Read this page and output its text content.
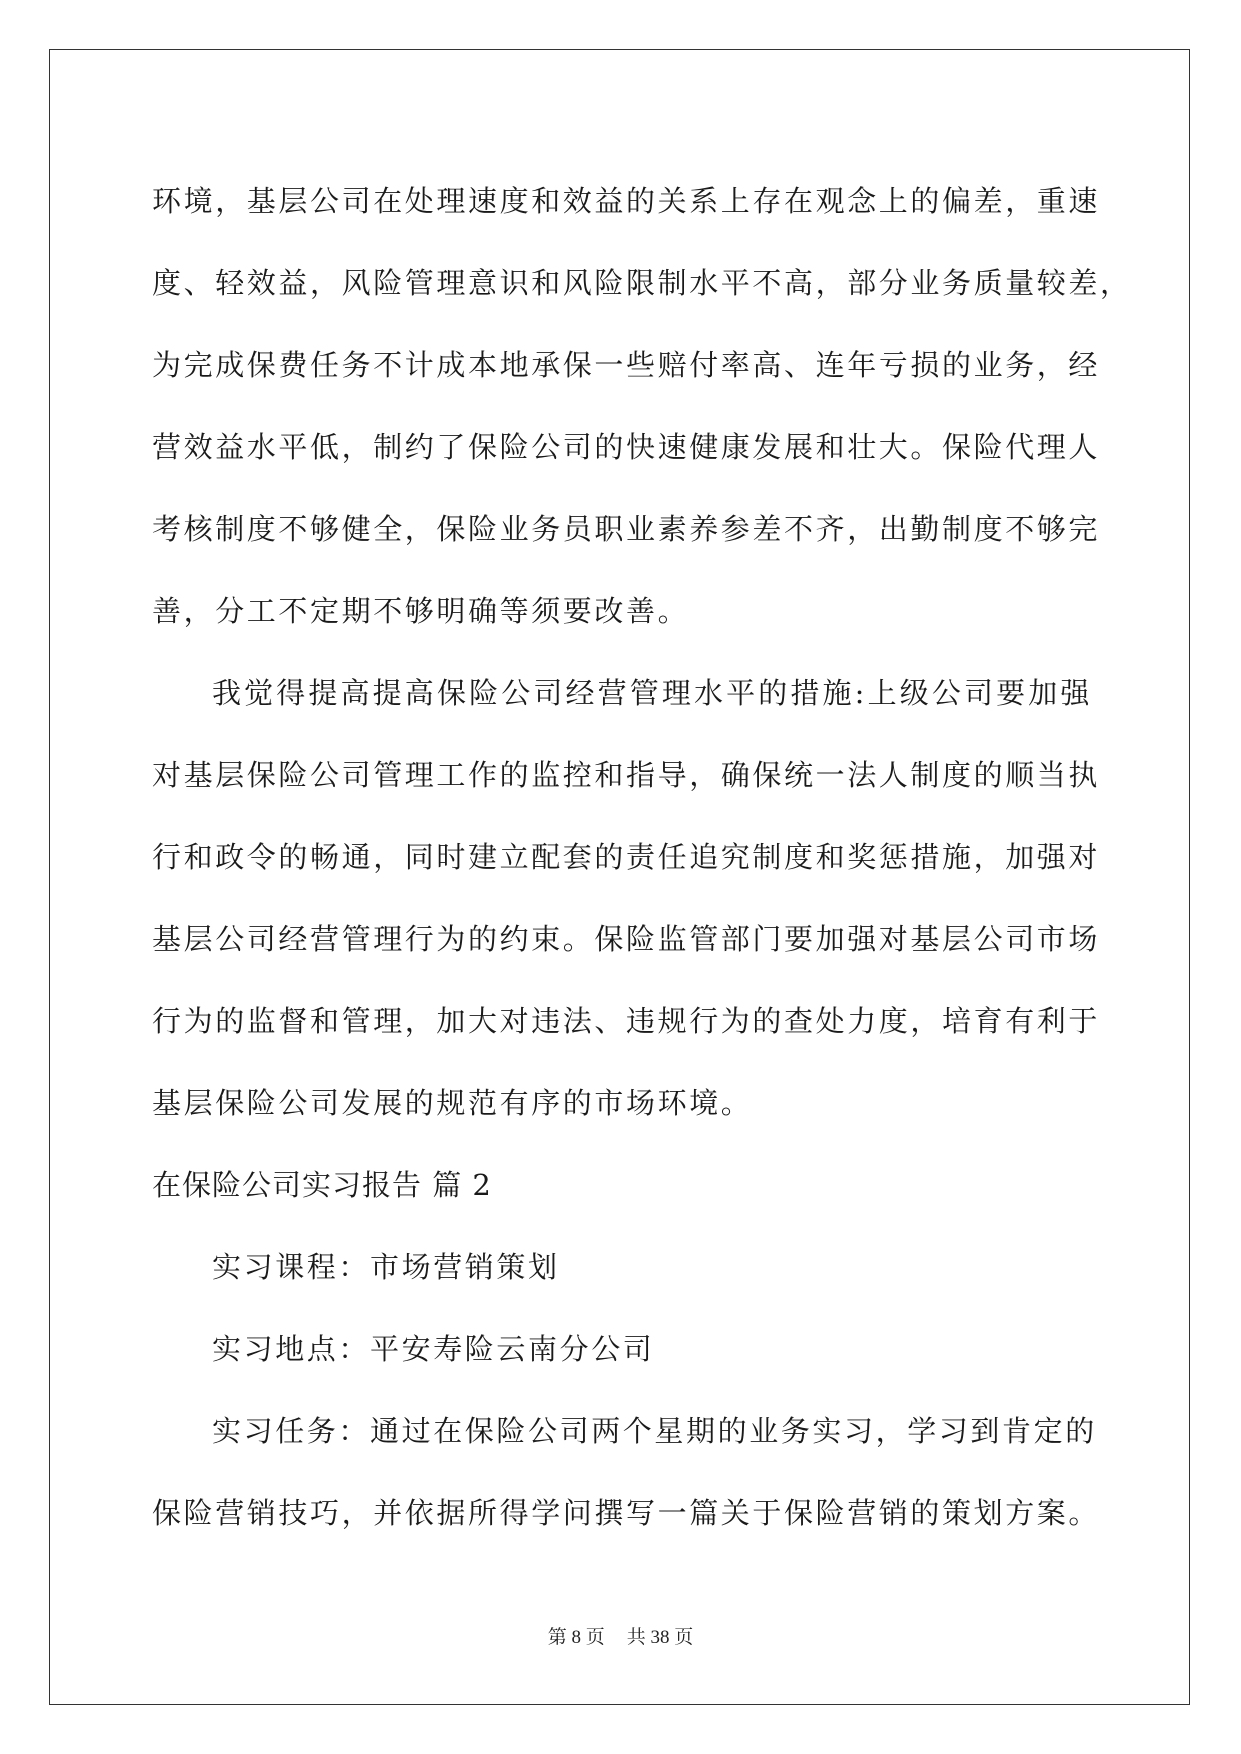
环境，基层公司在处理速度和效益的关系上存在观念上的偏差，重速
度、轻效益，风险管理意识和风险限制水平不高，部分业务质量较差，
为完成保费任务不计成本地承保一些赔付率高、连年亏损的业务，经
营效益水平低，制约了保险公司的快速健康发展和壮大。保险代理人
考核制度不够健全，保险业务员职业素养参差不齐，出勤制度不够完
善，分工不定期不够明确等须要改善。
我觉得提高提高保险公司经营管理水平的措施:上级公司要加强
对基层保险公司管理工作的监控和指导，确保统一法人制度的顺当执
行和政令的畅通，同时建立配套的责任追究制度和奖惩措施，加强对
基层公司经营管理行为的约束。保险监管部门要加强对基层公司市场
行为的监督和管理，加大对违法、违规行为的查处力度，培育有利于
基层保险公司发展的规范有序的市场环境。
在保险公司实习报告 篇 2
实习课程：市场营销策划
实习地点：平安寿险云南分公司
实习任务：通过在保险公司两个星期的业务实习，学习到肯定的
保险营销技巧，并依据所得学问撰写一篇关于保险营销的策划方案。
第 8 页 共 38 页
